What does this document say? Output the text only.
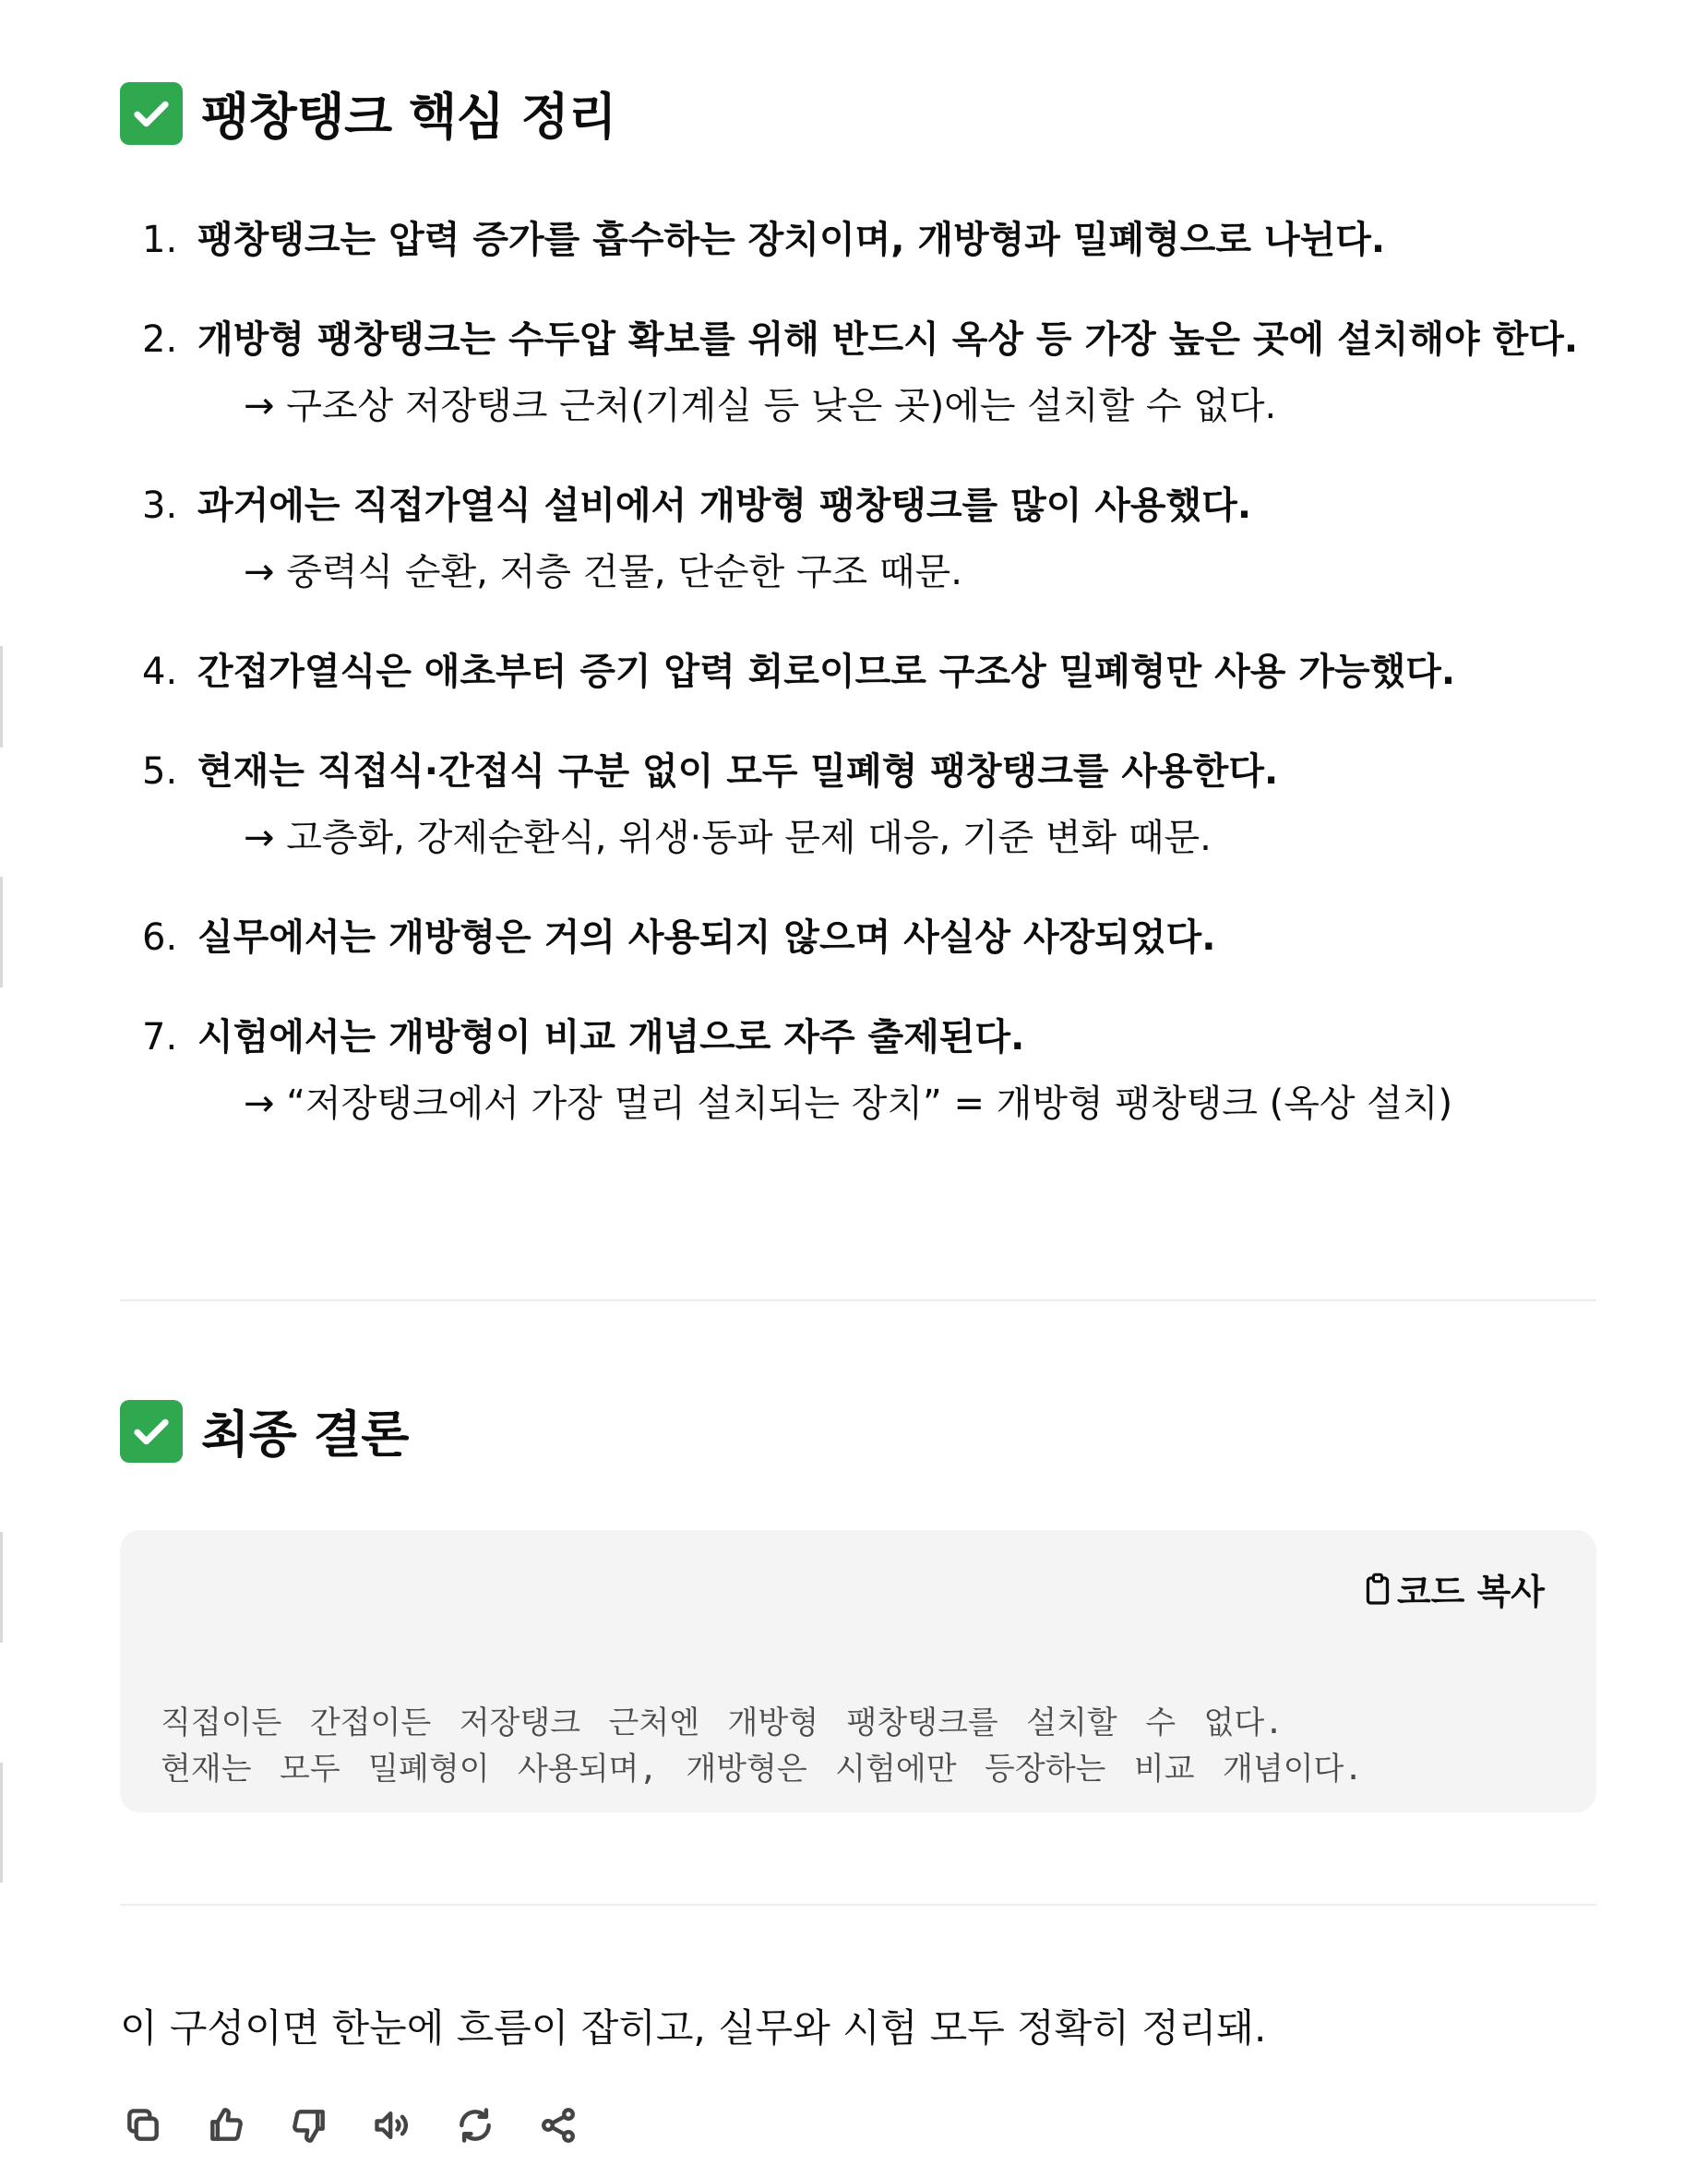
팽창탱크 핵심 정리
1. 팽창탱크는 압력 증가를 흡수하는 장치이며, 개방형과 밀폐형으로 나뉜다.
2. 개방형 팽창탱크는 수두압 확보를 위해 반드시 옥상 등 가장 높은 곳에 설치해야 한다.
→ 구조상 저장탱크 근처(기계실 등 낮은 곳)에는 설치할 수 없다.
3. 과거에는 직접가열식 설비에서 개방형 팽창탱크를 많이 사용했다.
→ 중력식 순환, 저층 건물, 단순한 구조 때문.
4. 간접가열식은 애초부터 증기 압력 회로이므로 구조상 밀폐형만 사용 가능했다.
5. 현재는 직접식·간접식 구분 없이 모두 밀폐형 팽창탱크를 사용한다.
→ 고층화, 강제순환식, 위생·동파 문제 대응, 기준 변화 때문.
6. 실무에서는 개방형은 거의 사용되지 않으며 사실상 사장되었다.
7. 시험에서는 개방형이 비교 개념으로 자주 출제된다.
→ “저장탱크에서 가장 멀리 설치되는 장치” = 개방형 팽창탱크 (옥상 설치)
최종 결론
코드 복사
직접이든 간접이든 저장탱크 근처엔 개방형 팽창탱크를 설치할 수 없다.
현재는 모두 밀폐형이 사용되며, 개방형은 시험에만 등장하는 비교 개념이다.

이 구성이면 한눈에 흐름이 잡히고, 실무와 시험 모두 정확히 정리돼.
